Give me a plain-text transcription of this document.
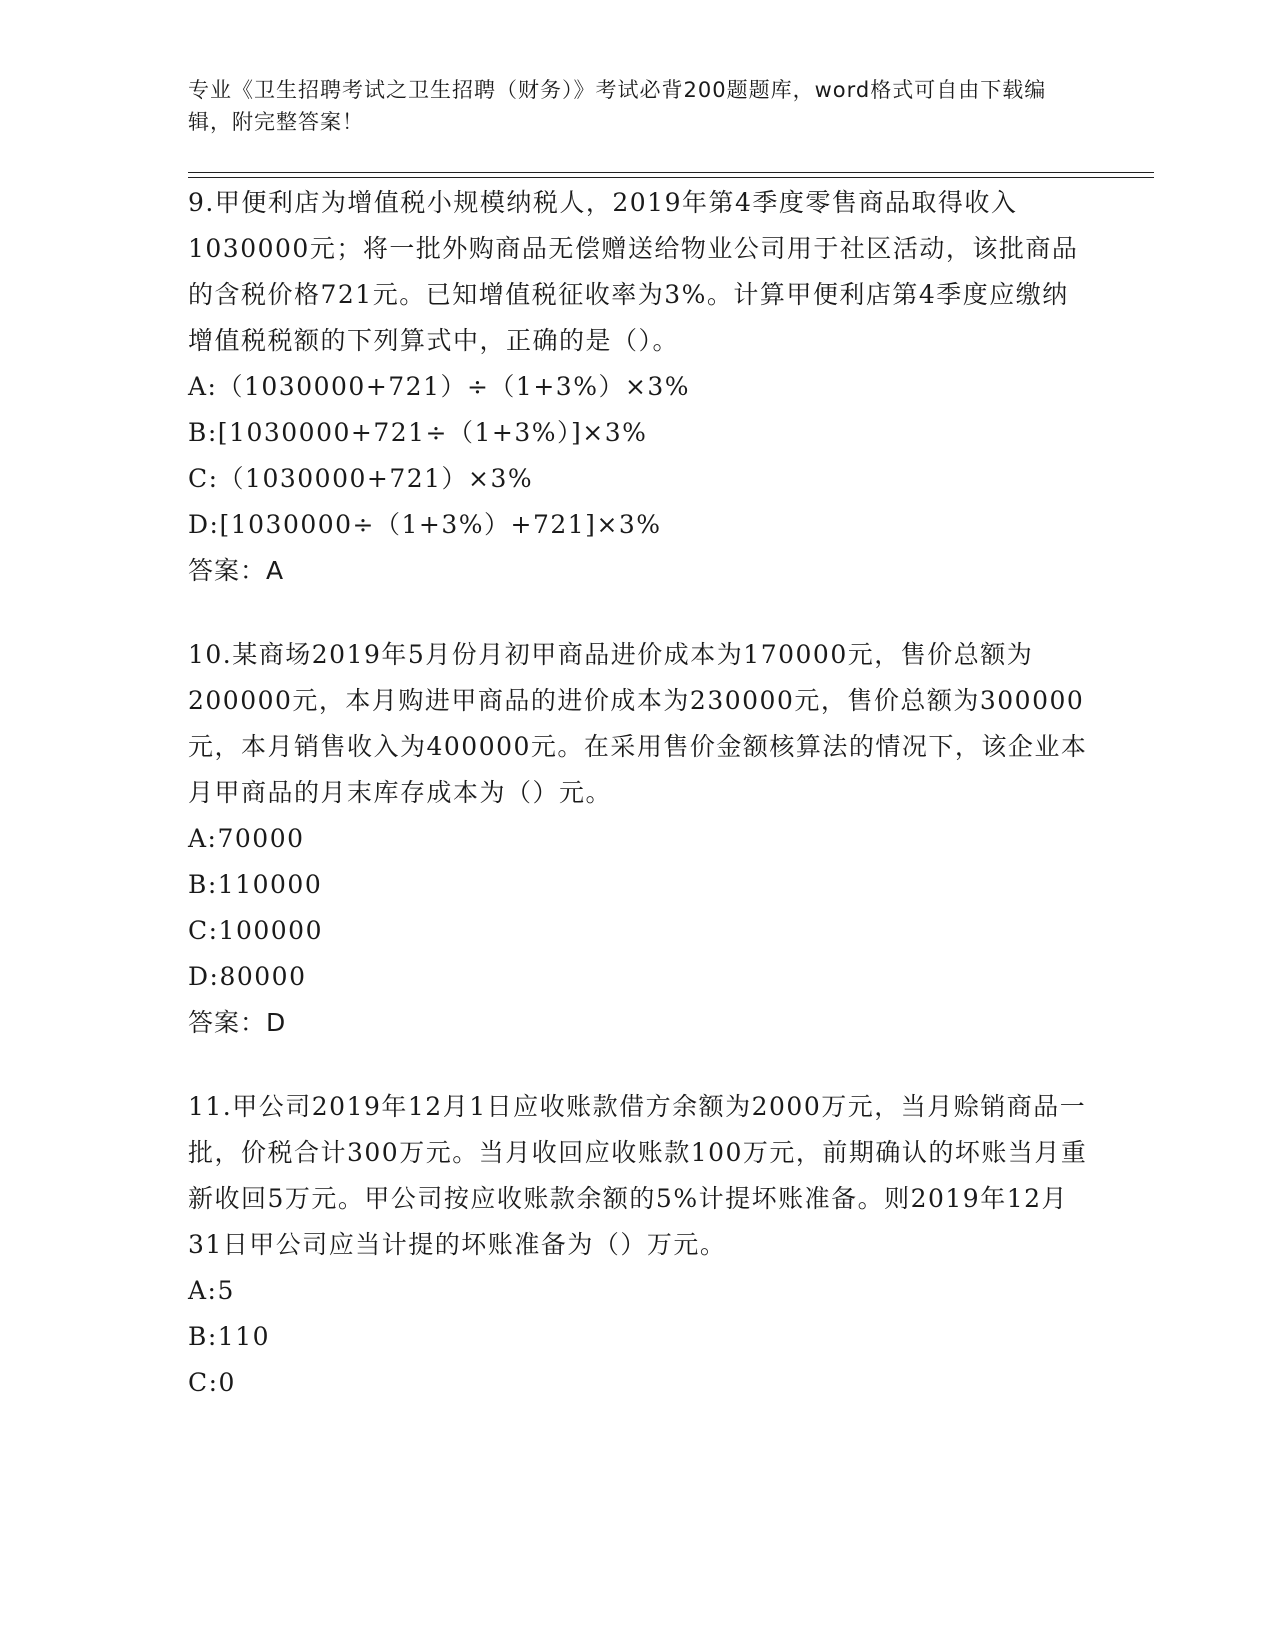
专业《卫生招聘考试之卫生招聘（财务）》考试必背200题题库，word格式可自由下载编辑，附完整答案！
9.甲便利店为增值税小规模纳税人，2019年第4季度零售商品取得收入1030000元；将一批外购商品无偿赠送给物业公司用于社区活动，该批商品的含税价格721元。已知增值税征收率为3%。计算甲便利店第4季度应缴纳增值税税额的下列算式中，正确的是（）。
A:（1030000+721）÷（1+3%）×3%
B:[1030000+721÷（1+3%）]×3%
C:（1030000+721）×3%
D:[1030000÷（1+3%）+721]×3%
答案：A
10.某商场2019年5月份月初甲商品进价成本为170000元，售价总额为200000元，本月购进甲商品的进价成本为230000元，售价总额为300000元，本月销售收入为400000元。在采用售价金额核算法的情况下，该企业本月甲商品的月末库存成本为（）元。
A:70000
B:110000
C:100000
D:80000
答案：D
11.甲公司2019年12月1日应收账款借方余额为2000万元，当月赊销商品一批，价税合计300万元。当月收回应收账款100万元，前期确认的坏账当月重新收回5万元。甲公司按应收账款余额的5%计提坏账准备。则2019年12月31日甲公司应当计提的坏账准备为（）万元。
A:5
B:110
C:0
